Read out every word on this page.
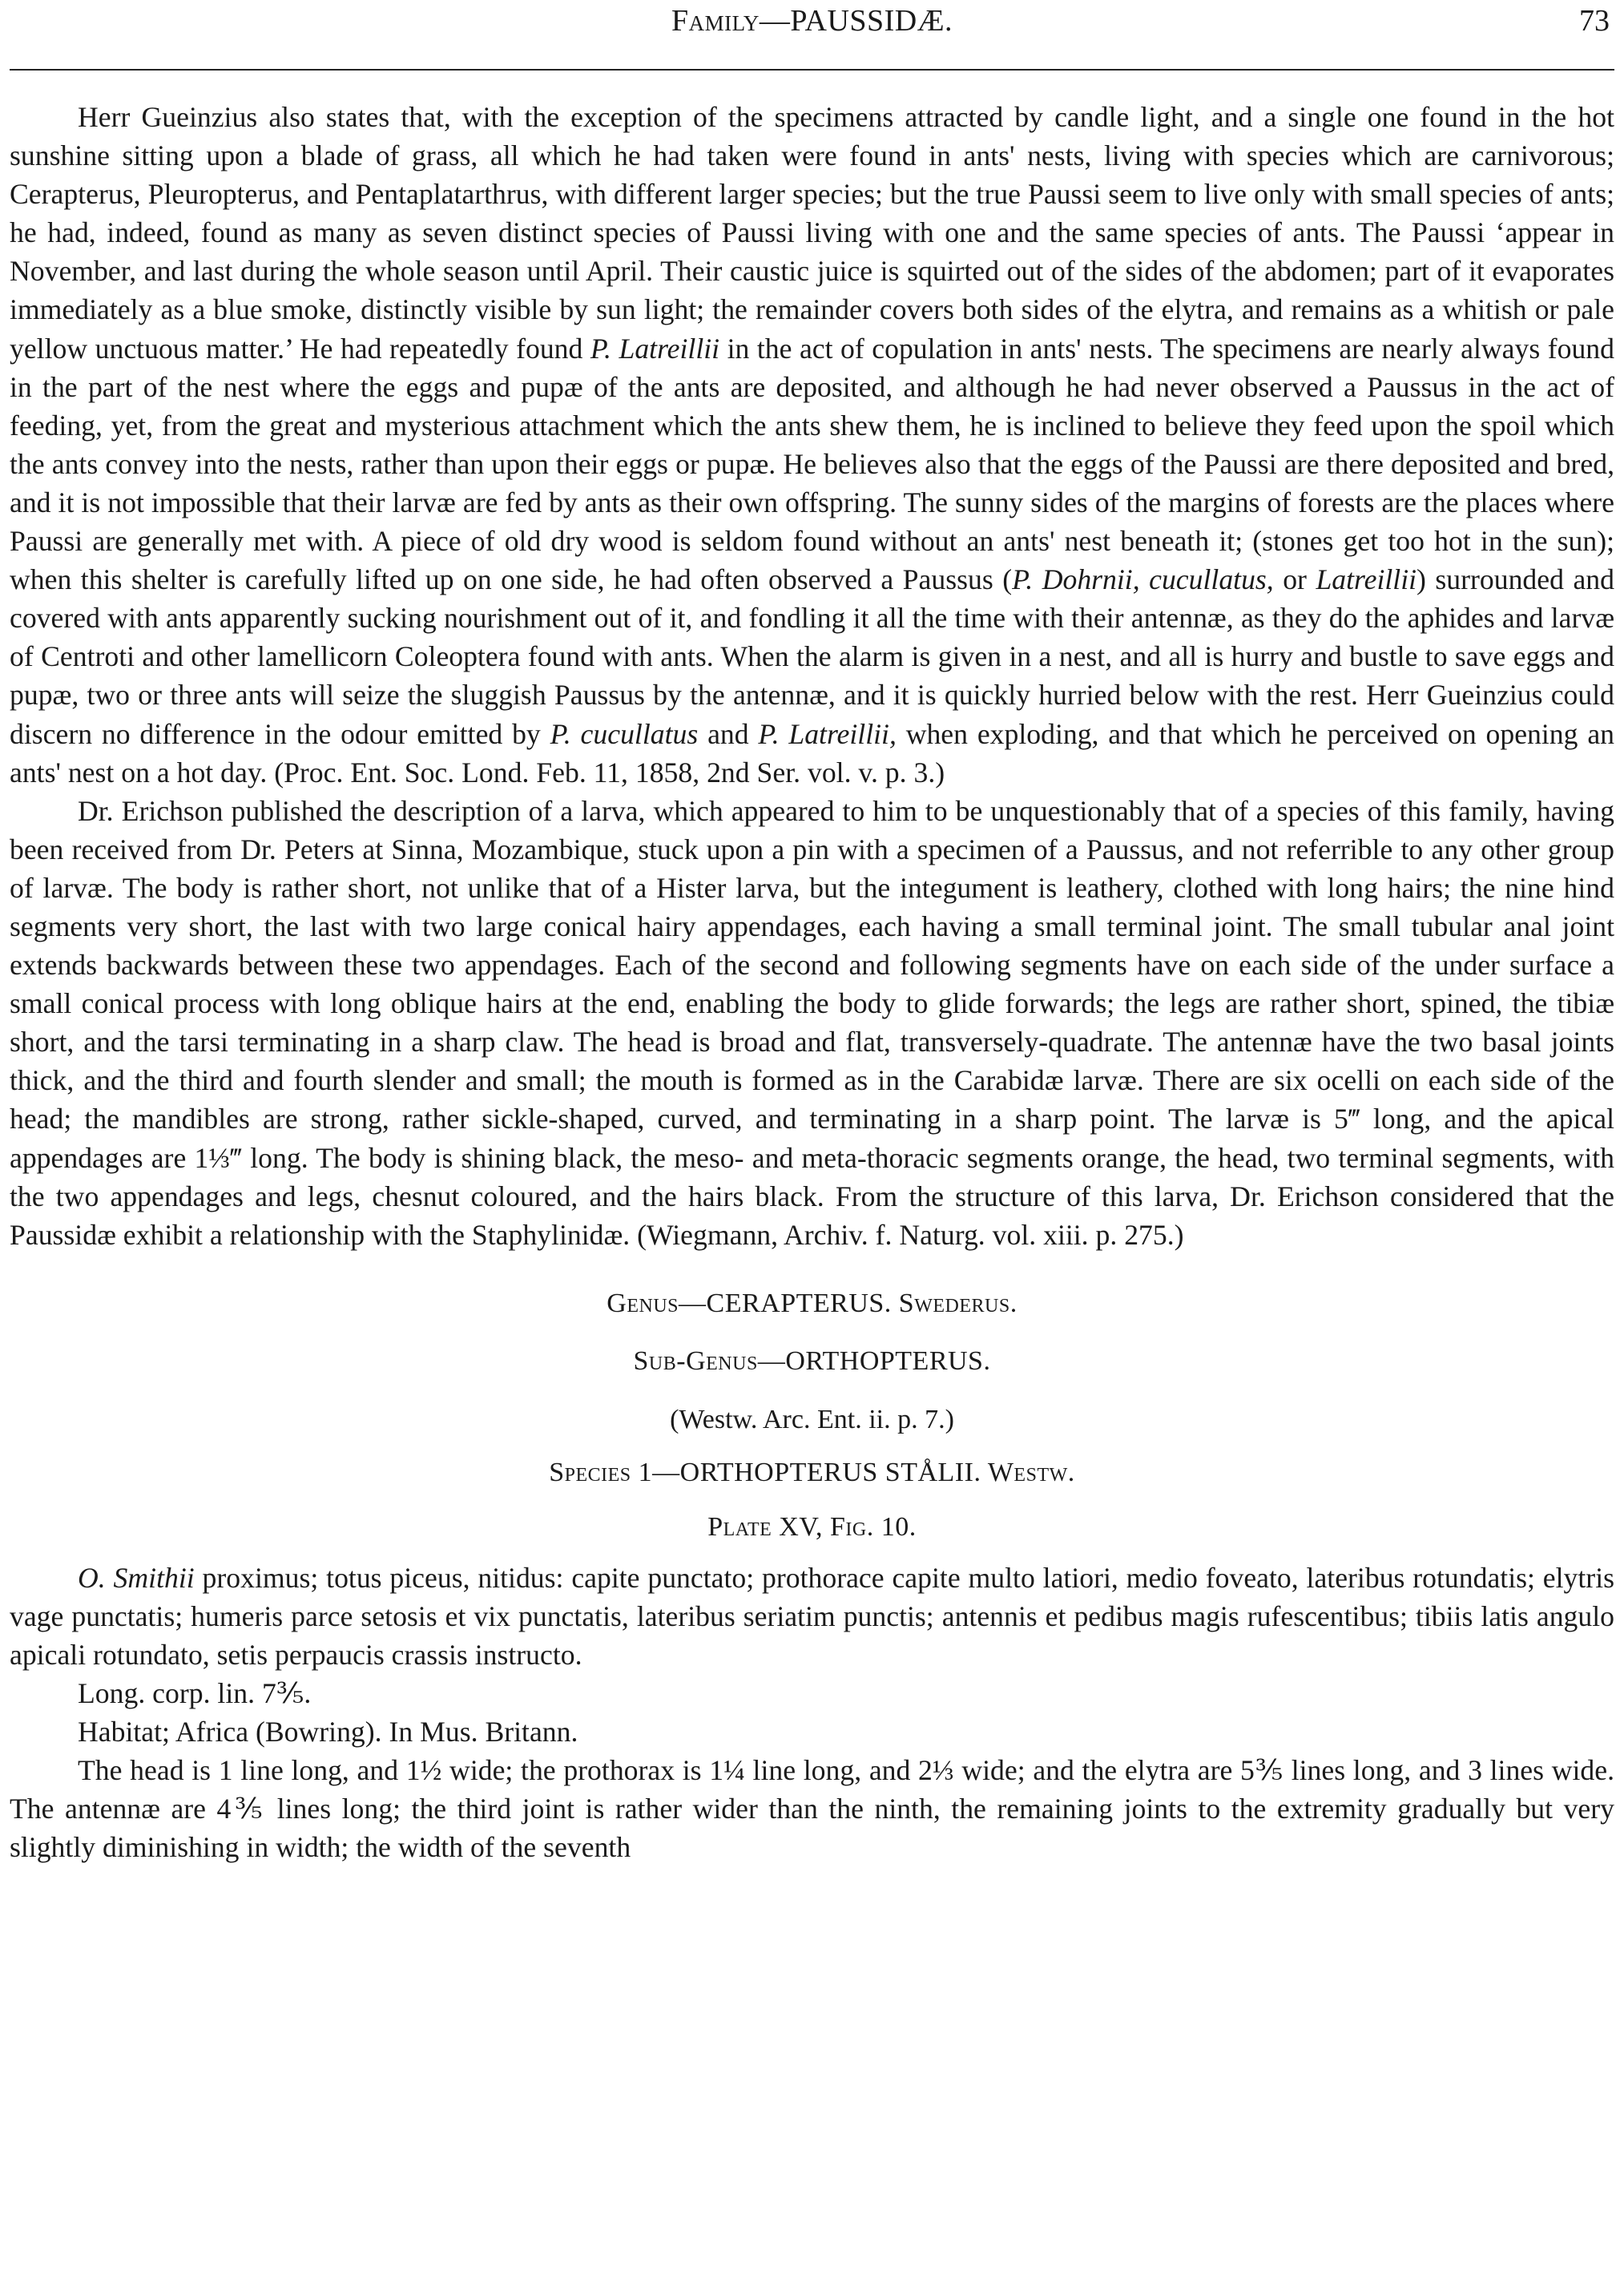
Family—PAUSSIDÆ.	73

Herr Gueinzius also states that, with the exception of the specimens attracted by candle light, and a single one found in the hot sunshine sitting upon a blade of grass, all which he had taken were found in ants' nests, living with species which are carnivorous; Cerapterus, Pleuropterus, and Pentaplatarthrus, with different larger species; but the true Paussi seem to live only with small species of ants; he had, indeed, found as many as seven distinct species of Paussi living with one and the same species of ants. The Paussi ‘appear in November, and last during the whole season until April. Their caustic juice is squirted out of the sides of the abdomen; part of it evaporates immediately as a blue smoke, distinctly visible by sun light; the remainder covers both sides of the elytra, and remains as a whitish or pale yellow unctuous matter.’ He had repeatedly found P. Latreillii in the act of copulation in ants' nests. The specimens are nearly always found in the part of the nest where the eggs and pupæ of the ants are deposited, and although he had never observed a Paussus in the act of feeding, yet, from the great and mysterious attachment which the ants shew them, he is inclined to believe they feed upon the spoil which the ants convey into the nests, rather than upon their eggs or pupæ. He believes also that the eggs of the Paussi are there deposited and bred, and it is not impossible that their larvæ are fed by ants as their own offspring. The sunny sides of the margins of forests are the places where Paussi are generally met with. A piece of old dry wood is seldom found without an ants' nest beneath it; (stones get too hot in the sun); when this shelter is carefully lifted up on one side, he had often observed a Paussus (P. Dohrnii, cucullatus, or Latreillii) surrounded and covered with ants apparently sucking nourishment out of it, and fondling it all the time with their antennæ, as they do the aphides and larvæ of Centroti and other lamellicorn Coleoptera found with ants. When the alarm is given in a nest, and all is hurry and bustle to save eggs and pupæ, two or three ants will seize the sluggish Paussus by the antennæ, and it is quickly hurried below with the rest. Herr Gueinzius could discern no difference in the odour emitted by P. cucullatus and P. Latreillii, when exploding, and that which he perceived on opening an ants' nest on a hot day. (Proc. Ent. Soc. Lond. Feb. 11, 1858, 2nd Ser. vol. v. p. 3.)

Dr. Erichson published the description of a larva, which appeared to him to be unquestionably that of a species of this family, having been received from Dr. Peters at Sinna, Mozambique, stuck upon a pin with a specimen of a Paussus, and not referrible to any other group of larvæ. The body is rather short, not unlike that of a Hister larva, but the integument is leathery, clothed with long hairs; the nine hind segments very short, the last with two large conical hairy appendages, each having a small terminal joint. The small tubular anal joint extends backwards between these two appendages. Each of the second and following segments have on each side of the under surface a small conical process with long oblique hairs at the end, enabling the body to glide forwards; the legs are rather short, spined, the tibiæ short, and the tarsi terminating in a sharp claw. The head is broad and flat, transversely-quadrate. The antennæ have the two basal joints thick, and the third and fourth slender and small; the mouth is formed as in the Carabidæ larvæ. There are six ocelli on each side of the head; the mandibles are strong, rather sickle-shaped, curved, and terminating in a sharp point. The larvæ is 5‴ long, and the apical appendages are 1⅓‴ long. The body is shining black, the meso- and meta-thoracic segments orange, the head, two terminal segments, with the two appendages and legs, chesnut coloured, and the hairs black. From the structure of this larva, Dr. Erichson considered that the Paussidæ exhibit a relationship with the Staphylinidæ. (Wiegmann, Archiv. f. Naturg. vol. xiii. p. 275.)

Genus—CERAPTERUS. Swederus.

Sub-Genus—ORTHOPTERUS.

(Westw. Arc. Ent. ii. p. 7.)

Species 1—ORTHOPTERUS STÅLII. Westw.

Plate XV, Fig. 10.

O. Smithii proximus; totus piceus, nitidus: capite punctato; prothorace capite multo latiori, medio foveato, lateribus rotundatis; elytris vage punctatis; humeris parce setosis et vix punctatis, lateribus seriatim punctis; antennis et pedibus magis rufescentibus; tibiis latis angulo apicali rotundato, setis perpaucis crassis instructo.

Long. corp. lin. 7⅗.

Habitat; Africa (Bowring). In Mus. Britann.

The head is 1 line long, and 1½ wide; the prothorax is 1¼ line long, and 2⅓ wide; and the elytra are 5⅗ lines long, and 3 lines wide. The antennæ are 4⅗ lines long; the third joint is rather wider than the ninth, the remaining joints to the extremity gradually but very slightly diminishing in width; the width of the seventh
